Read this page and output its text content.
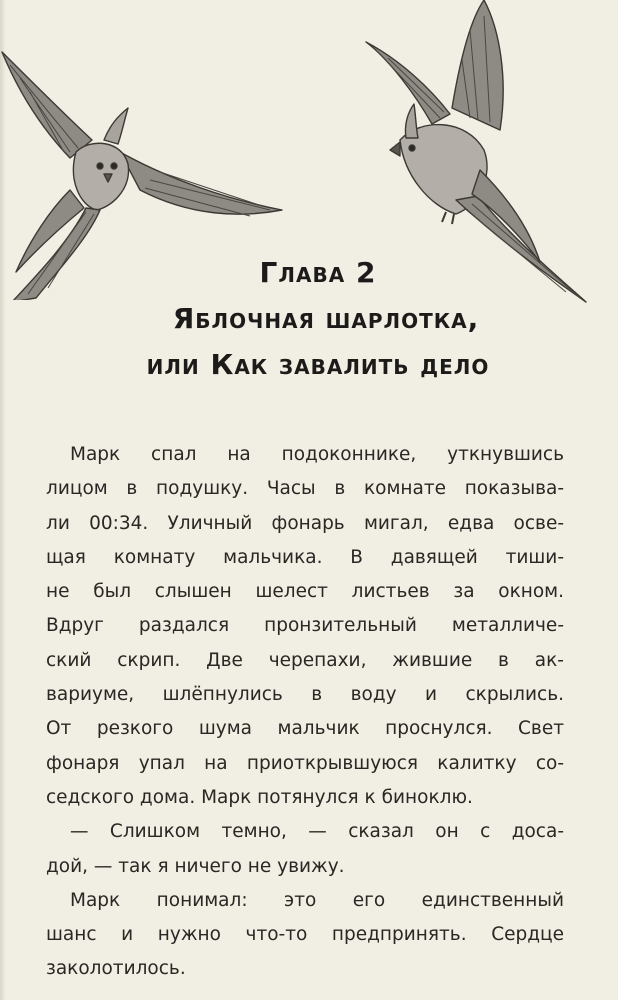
Глава 2
Яблочная шарлотка,
или Как завалить дело

Марк спал на подоконнике, уткнувшись
лицом в подушку. Часы в комнате показыва-
ли 00:34. Уличный фонарь мигал, едва осве-
щая комнату мальчика. В давящей тиши-
не был слышен шелест листьев за окном.
Вдруг раздался пронзительный металличе-
ский скрип. Две черепахи, жившие в ак-
вариуме, шлёпнулись в воду и скрылись.
От резкого шума мальчик проснулся. Свет
фонаря упал на приоткрывшуюся калитку со-
седского дома. Марк потянулся к биноклю.

— Слишком темно, — сказал он с доса-
дой, — так я ничего не увижу.

Марк понимал: это его единственный
шанс и нужно что-то предпринять. Сердце
заколотилось.
